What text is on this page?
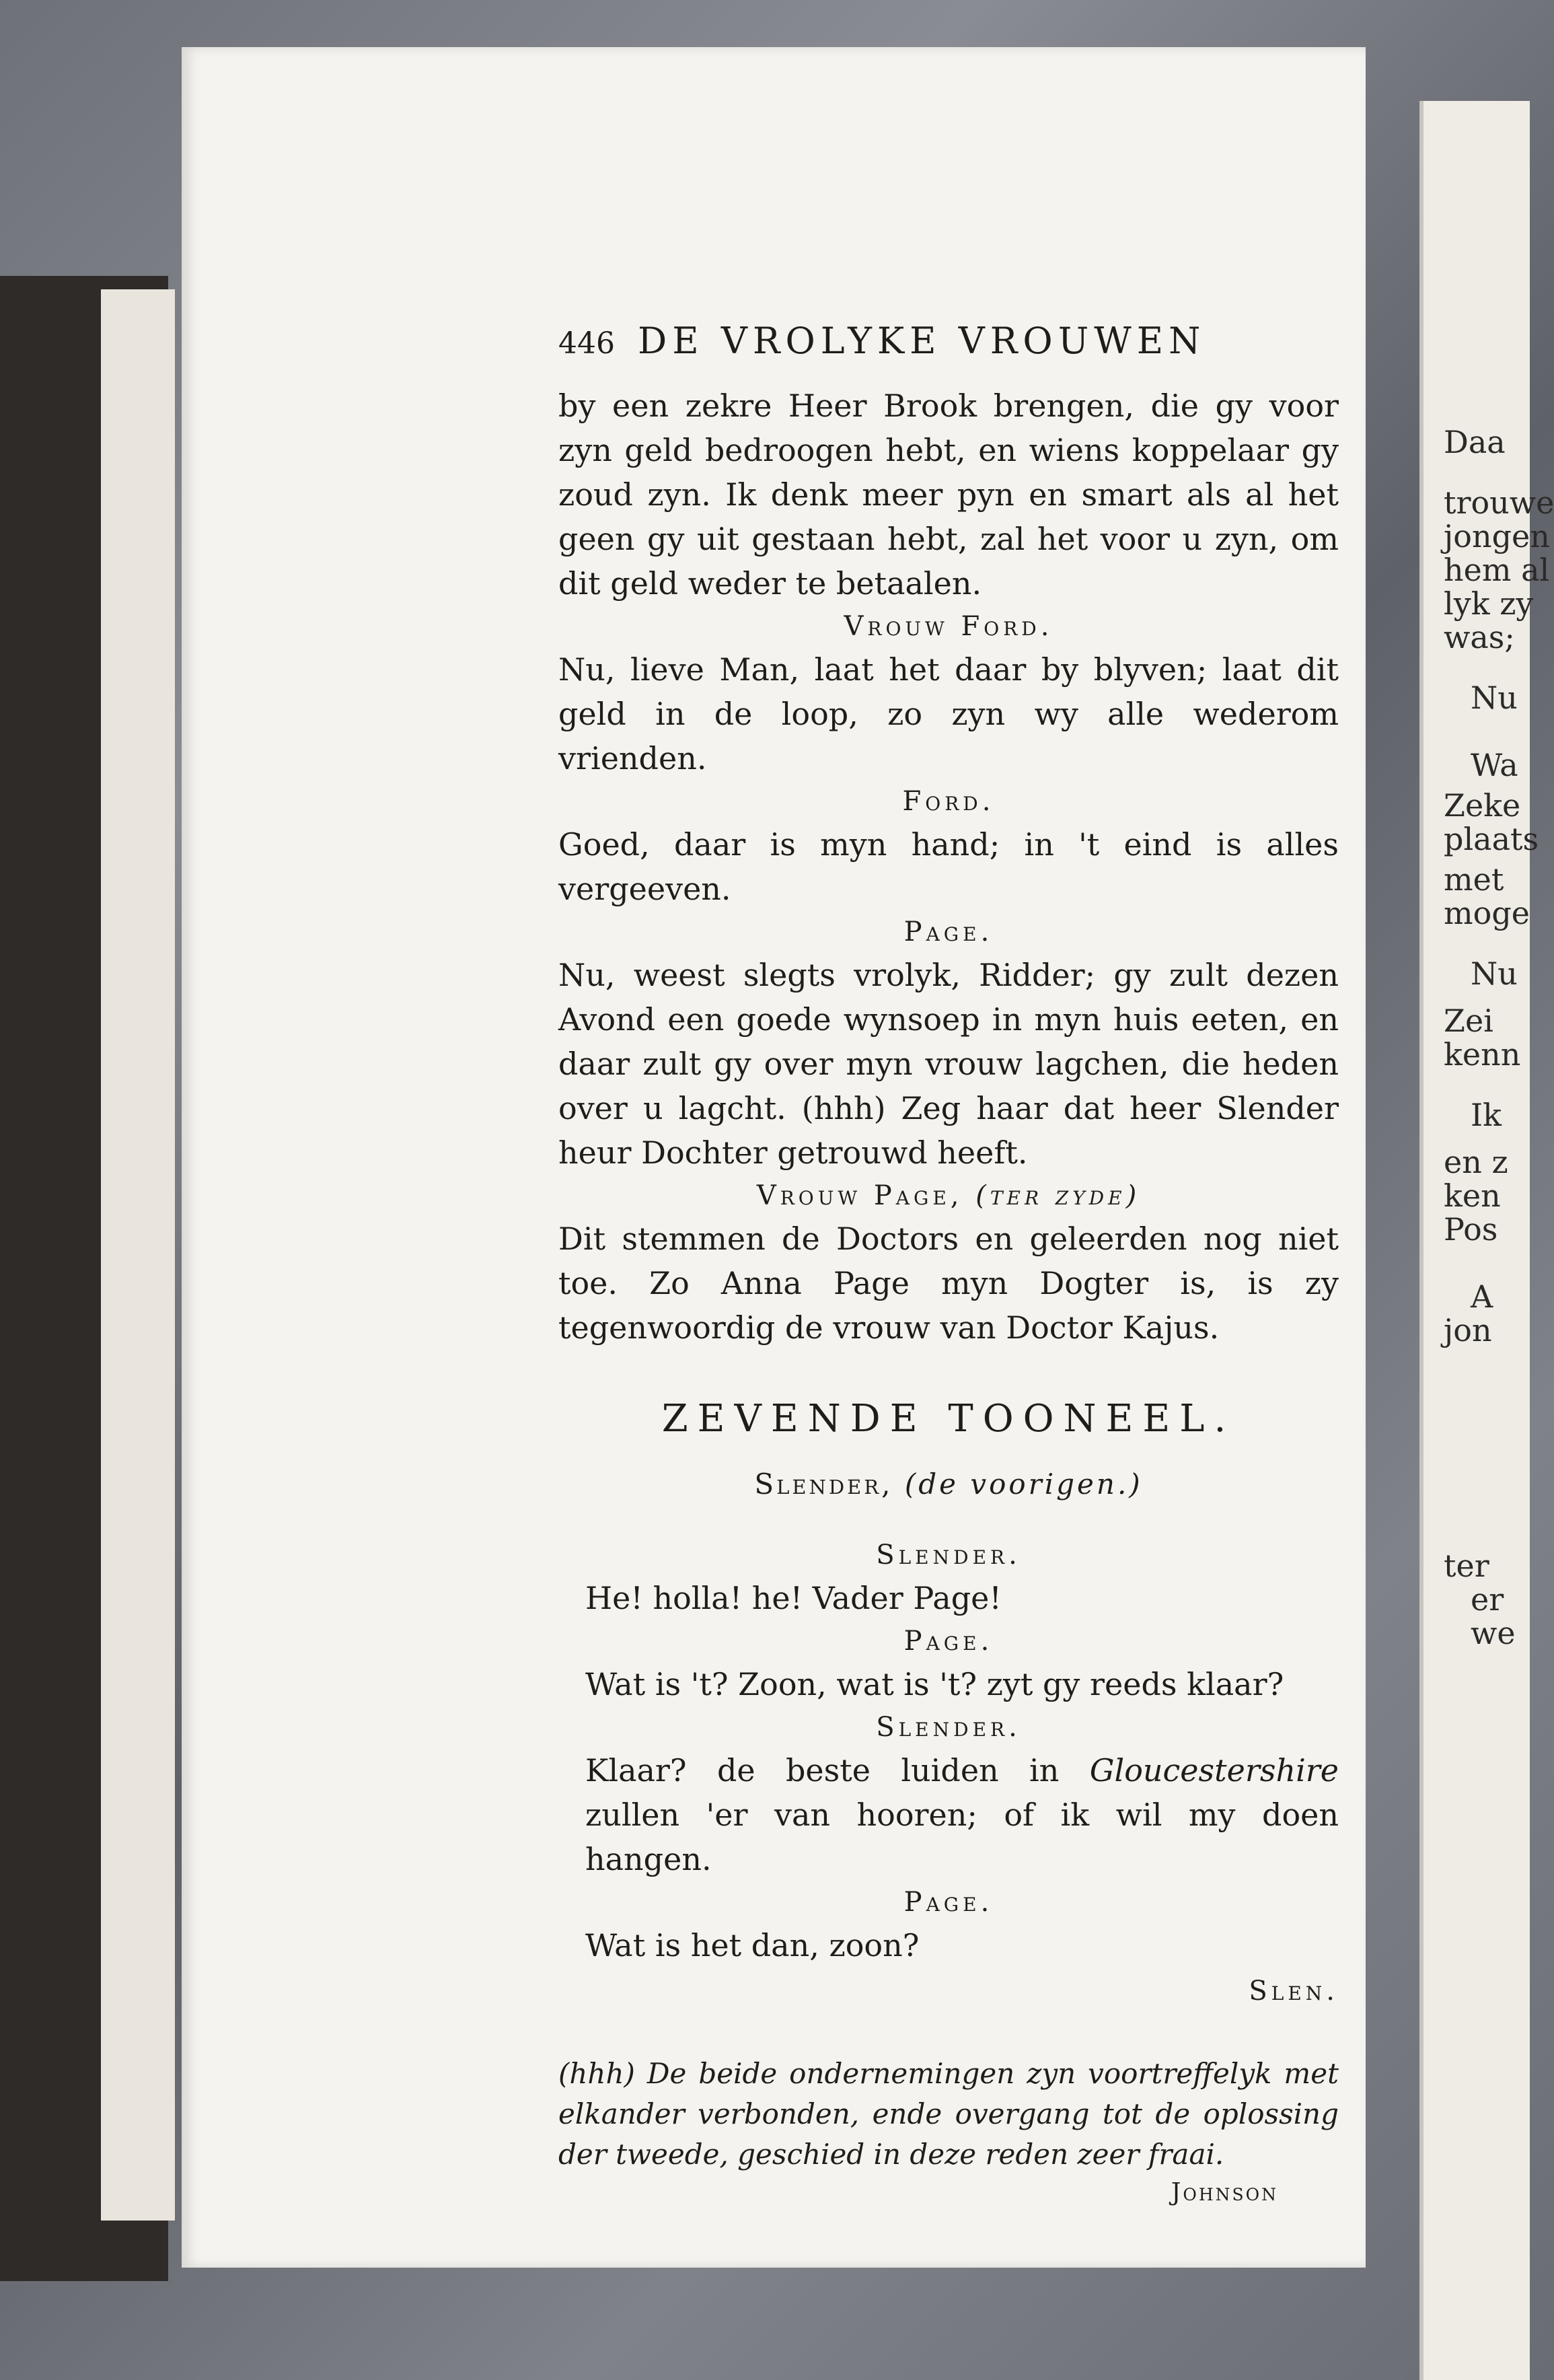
Daa
trouwe
jongen
hem al
lyk zy
was;
Nu
Wa
Zeke
plaats
met
moge
Nu
Zei
kenn
Ik
en z
ken
Pos
A
jon
ter
er
we
446 DE VROLYKE VROUWEN

by een zekre Heer Brook brengen, die gy voor zyn geld bedroogen hebt, en wiens koppelaar gy zoud zyn. Ik denk meer pyn en smart als al het geen gy uit gestaan hebt, zal het voor u zyn, om dit geld weder te betaalen.

Vrouw Ford.

Nu, lieve Man, laat het daar by blyven; laat dit geld in de loop, zo zyn wy alle wederom vrienden.

Ford.

Goed, daar is myn hand; in 't eind is alles vergeeven.

Page.

Nu, weest slegts vrolyk, Ridder; gy zult dezen Avond een goede wynsoep in myn huis eeten, en daar zult gy over myn vrouw lagchen, die heden over u lagcht. (hhh) Zeg haar dat heer Slender heur Dochter getrouwd heeft.

Vrouw Page, (ter zyde)

Dit stemmen de Doctors en geleerden nog niet toe. Zo Anna Page myn Dogter is, is zy tegenwoordig de vrouw van Doctor Kajus.

ZEVENDE TOONEEL.
Slender, (de voorigen.)
Slender.

He! holla! he! Vader Page!

Page.

Wat is 't? Zoon, wat is 't? zyt gy reeds klaar?

Slender.

Klaar? de beste luiden in Gloucestershire zullen 'er van hooren; of ik wil my doen hangen.

Page.

Wat is het dan, zoon?

Slen.

(hhh) De beide ondernemingen zyn voortreffelyk met elkander verbonden, ende overgang tot de oplossing der tweede, geschied in deze reden zeer fraai.

Johnson
